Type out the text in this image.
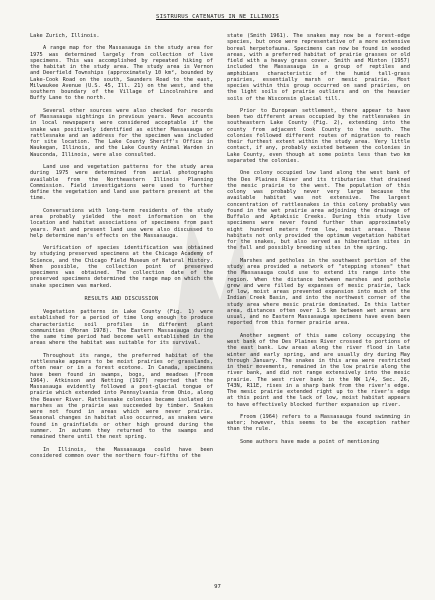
SISTRURUS CATENATUS IN NE ILLINOIS

Lake Zurich, Illinois.

A range map for the Massasauga in the study area for 1975 was determined largely from collection of live specimens. This was accomplished by repeated hiking of the habitat in the study area. The study area is Vernon and Deerfield Townships (approximately 10 km², bounded by Lake-Cook Road on the south, Saunders Road to the east, Milwaukee Avenue (U.S. 45, Ill. 21) on the west, and the southern boundary of the Village of Lincolnshire and Buffy Lane to the north.

Several other sources were also checked for records of Massasauga sightings in previous years. News accounts in local newspapers were considered acceptable if the snake was positively identified as either Massasauga or rattlesnake and an address for the specimen was included for site location. The Lake County Sheriff's Office in Waukegan, Illinois, and the Lake County Animal Warden in Wauconda, Illinois, were also consulted.

Land use and vegetation patterns for the study area during 1975 were determined from aerial photographs available from the Northeastern Illinois Planning Commission. Field investigations were used to further define the vegetation and land use pattern present at the time.

Conversations with long-term residents of the study area probably yielded the most information on the location and habitat associations of specimens from past years. Past and present land use were also discussed to help determine man's effects on the Massasauga.

Verification of species identification was obtained by studying preserved specimens at the Chicago Academy of Science, and the Chicago Field Museum of Natural History. When possible, the collection point of preserved specimens was obtained. The collection date of the preserved specimens determined the range map on which the snake specimen was marked.

RESULTS AND DISCUSSION

Vegetation patterns in Lake County (Fig. 1) were established for a period of time long enough to produce characteristic soil profiles in different plant communities (Moran 1978). The Eastern Massasauga during the same time period had become well established in the areas where the habitat was suitable for its survival.

Throughout its range, the preferred habitat of the rattlesnake appears to be moist prairies or grasslands, often near or in a forest ecotone. In Canada, specimens have been found in swamps, bogs, and meadows (Froom 1964). Atkinson and Netting (1927) reported that the Massasauga evidently followed a post-glacial tongue of prairie which extended into Pennsylvania from Ohio, along the Beaver River. Rattlesnake colonies became isolated in marshes as the prairie was succeeded by timber. Snakes were not found in areas which were never prairie. Seasonal changes in habitat also occurred, as snakes were found in grainfields or other high ground during the summer. In autumn they returned to the swamps and remained there until the next spring.

In Illinois, the Massasauga could have been considered common over the northern four-fifths of the

state (Smith 1961). The snakes may now be a forest-edge species, but once were representative of a more extensive boreal herpetofauna. Specimens can now be found in wooded areas, with a preferred habitat of prairie grasses or old field with a heavy grass cover. Smith and Minton (1957) included the Massasauga in a group of reptiles and amphibians characteristic of the humid tall-grass prairies, essentially marsh or mesic prairie. Most species within this group occurred on sand prairies, on the light soils of prairie outliers and on the heavier soils of the Wisconsin glacial till.

Prior to European settlement, there appear to have been two different areas occupied by the rattlesnakes in southeastern Lake County (Fig. 2), extending into the county from adjacent Cook County to the south. The colonies followed different routes of migration to reach their furthest extent within the study area. Very little contact, if any, probably existed between the colonies in Lake County, even though at some points less than two km separated the colonies.

One colony occupied low land along the west bank of the Des Plaines River and its tributaries that drained the mesic prairie to the west. The population of this colony was probably never very large because the available habitat was not extensive. The largest concentration of rattlesnakes in this colony probably was found in the wet prairie area adjoining the drainage of Buffalo and Aptakisic Creeks. During this study live specimens were never found further than approximately eight hundred meters from low, moist areas. These habitats not only provided the optimum vegetation habitat for the snakes, but also served as hibernation sites in the fall and possibly breeding sites in the spring.

Marshes and potholes in the southwest portion of the study area provided a network of "stepping stones" that the Massasauga could use to extend its range into the region. When the distance between marshes and pothole grew and were filled by expanses of mesic prairie, lack of low, moist areas prevented expansion into much of the Indian Creek Basin, and into the northwest corner of the study area where mesic prairie dominated. In this latter area, distances often over 1.5 km between wet areas are usual, and no Eastern Massasauga specimens have even been reported from this former prairie area.

Another segment of this same colony occupying the west bank of the Des Plaines River crossed to portions of the east bank. Low areas along the river flood in late winter and early spring, and are usually dry during May through January. The snakes in this area were restricted in their movements, remained in the low prairie along the river bank, and did not range extensively into the mesic prairie. The west river bank in the NW 1/4, Sec. 26, T43N, R11E, rises in a sharp bank from the river's edge. The mesic prairie extended right up to the river's edge at this point and the lack of low, moist habitat appears to have effectively blocked further expansion up river.

Froom (1964) refers to a Massasauga found swimming in water; however, this seems to be the exception rather than the rule.

Some authors have made a point of mentioning

97
